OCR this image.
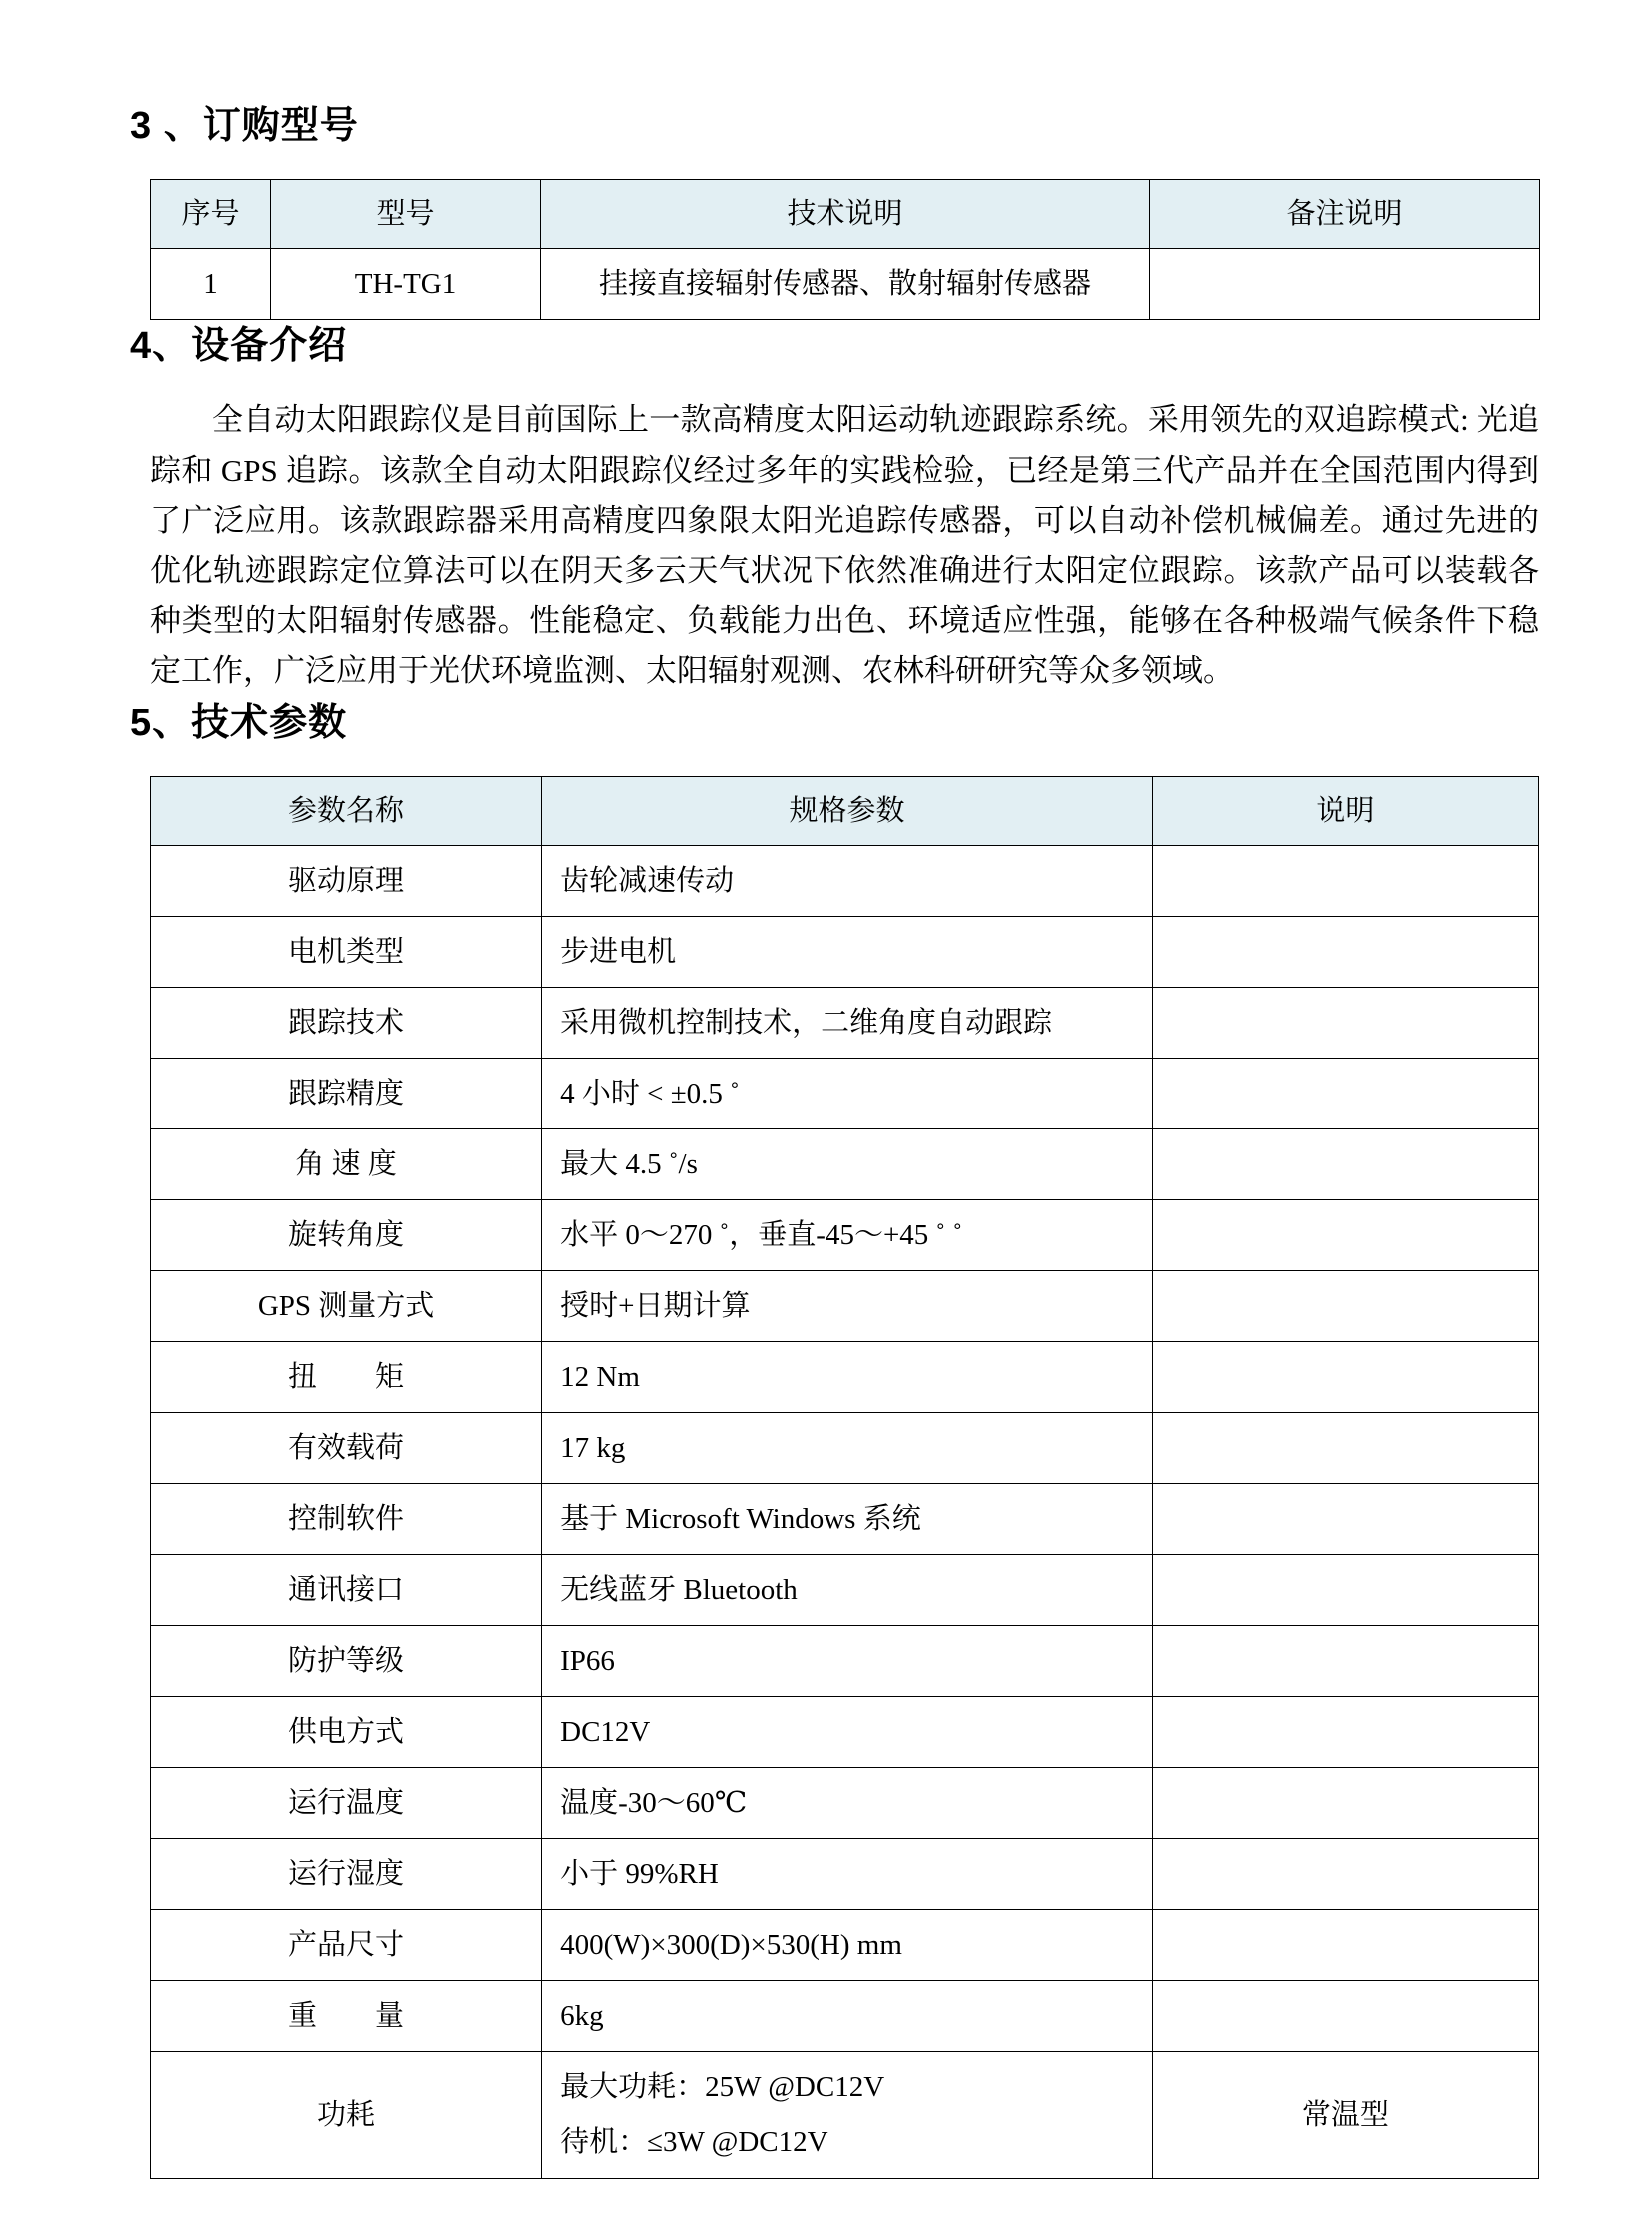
3 、订购型号
序号	型号	技术说明	备注说明
1	TH-TG1	挂接直接辐射传感器、散射辐射传感器	
4、设备介绍

全自动太阳跟踪仪是目前国际上一款高精度太阳运动轨迹跟踪系统。采用领先的双追踪模式: 光追踪和 GPS 追踪。该款全自动太阳跟踪仪经过多年的实践检验，已经是第三代产品并在全国范围内得到了广泛应用。该款跟踪器采用高精度四象限太阳光追踪传感器，可以自动补偿机械偏差。通过先进的优化轨迹跟踪定位算法可以在阴天多云天气状况下依然准确进行太阳定位跟踪。该款产品可以装载各种类型的太阳辐射传感器。性能稳定、负载能力出色、环境适应性强，能够在各种极端气候条件下稳定工作，广泛应用于光伏环境监测、太阳辐射观测、农林科研研究等众多领域。

5、技术参数
参数名称	规格参数	说明
驱动原理	齿轮减速传动	
电机类型	步进电机	
跟踪技术	采用微机控制技术，二维角度自动跟踪	
跟踪精度	4 小时 < ±0.5 ˚	
角 速 度	最大 4.5 ˚/s	
旋转角度	水平 0～270 ˚，垂直-45～+45 ˚ ˚	
GPS 测量方式	授时+日期计算	
扭　　矩	12 Nm	
有效载荷	17 kg	
控制软件	基于 Microsoft Windows 系统	
通讯接口	无线蓝牙 Bluetooth	
防护等级	IP66	
供电方式	DC12V	
运行温度	温度-30～60℃	
运行湿度	小于 99%RH	
产品尺寸	400(W)×300(D)×530(H) mm	
重　　量	6kg	
功耗	最大功耗：25W @DC12V
待机：≤3W @DC12V	常温型
